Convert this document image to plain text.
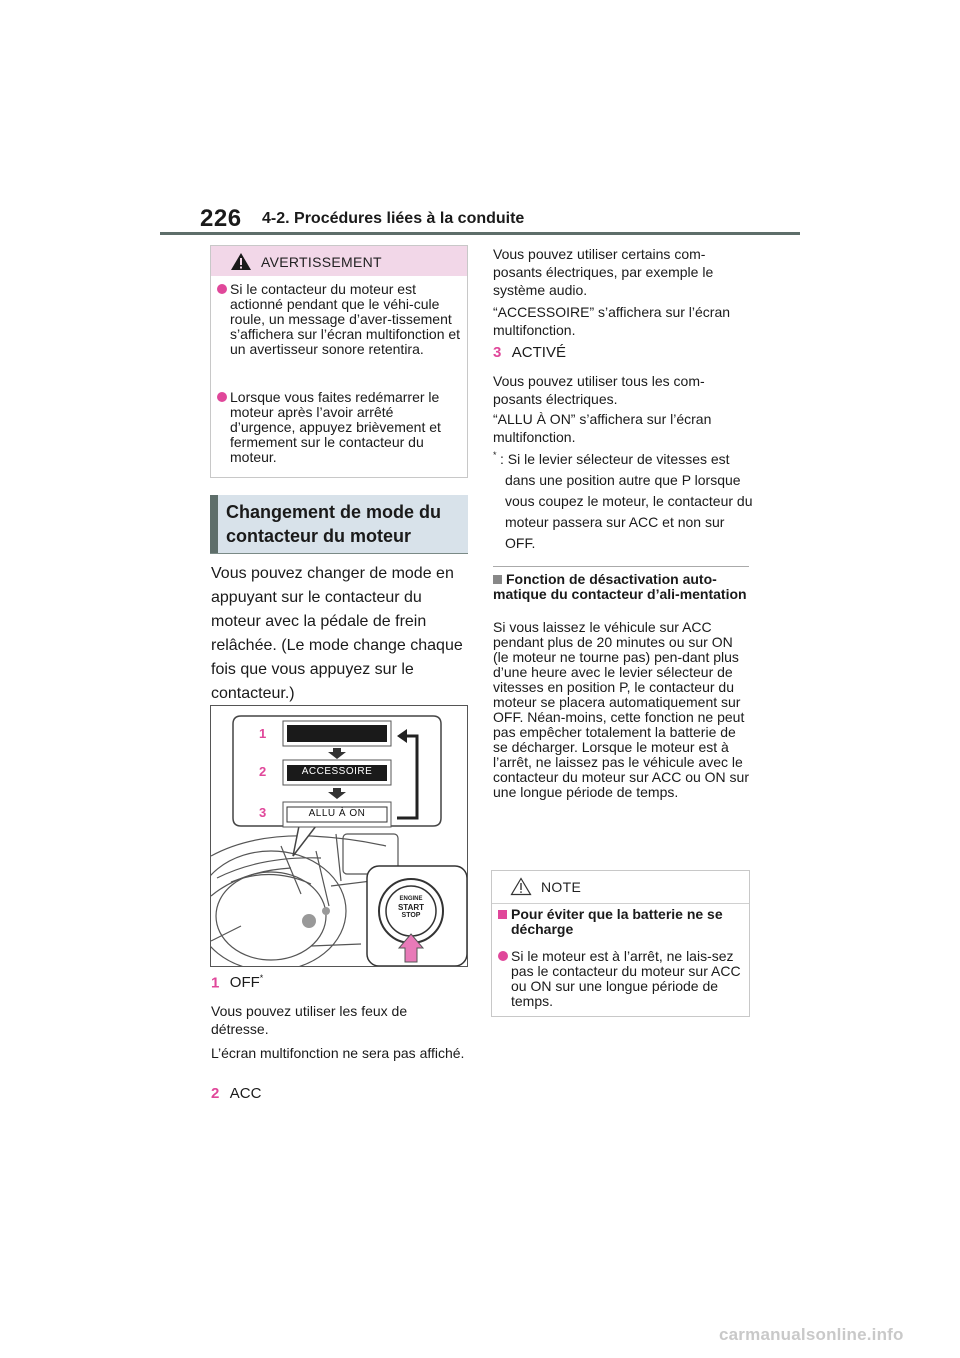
226 4-2. Procédures liées à la conduite
AVERTISSEMENT
Si le contacteur du moteur est actionné pendant que le véhi-cule roule, un message d’aver-tissement s’affichera sur l’écran multifonction et un avertisseur sonore retentira.
Lorsque vous faites redémarrer le moteur après l’avoir arrêté d’urgence, appuyez brièvement et fermement sur le contacteur du moteur.
Changement de mode du contacteur du moteur
Vous pouvez changer de mode en appuyant sur le contacteur du moteur avec la pédale de frein relâchée. (Le mode change chaque fois que vous appuyez sur le contacteur.)
1
2
3
ACCESSOIRE
ALLU À ON
ENGINE
START
STOP
1 OFF*
Vous pouvez utiliser les feux de détresse.
L’écran multifonction ne sera pas affiché.
2 ACC
Vous pouvez utiliser certains com-posants électriques, par exemple le système audio.
“ACCESSOIRE” s’affichera sur l’écran multifonction.
3 ACTIVÉ
Vous pouvez utiliser tous les com-posants électriques.
“ALLU À ON” s’affichera sur l’écran multifonction.
* : Si le levier sélecteur de vitesses est dans une position autre que P lorsque vous coupez le moteur, le contacteur du moteur passera sur ACC et non sur OFF.
Fonction de désactivation auto-matique du contacteur d’ali-mentation
Si vous laissez le véhicule sur ACC pendant plus de 20 minutes ou sur ON (le moteur ne tourne pas) pen-dant plus d’une heure avec le levier sélecteur de vitesses en position P, le contacteur du moteur se placera automatiquement sur OFF. Néan-moins, cette fonction ne peut pas empêcher totalement la batterie de se décharger. Lorsque le moteur est à l’arrêt, ne laissez pas le véhicule avec le contacteur du moteur sur ACC ou ON sur une longue période de temps.
NOTE
Pour éviter que la batterie ne se décharge
Si le moteur est à l’arrêt, ne lais-sez pas le contacteur du moteur sur ACC ou ON sur une longue période de temps.
carmanualsonline.info
